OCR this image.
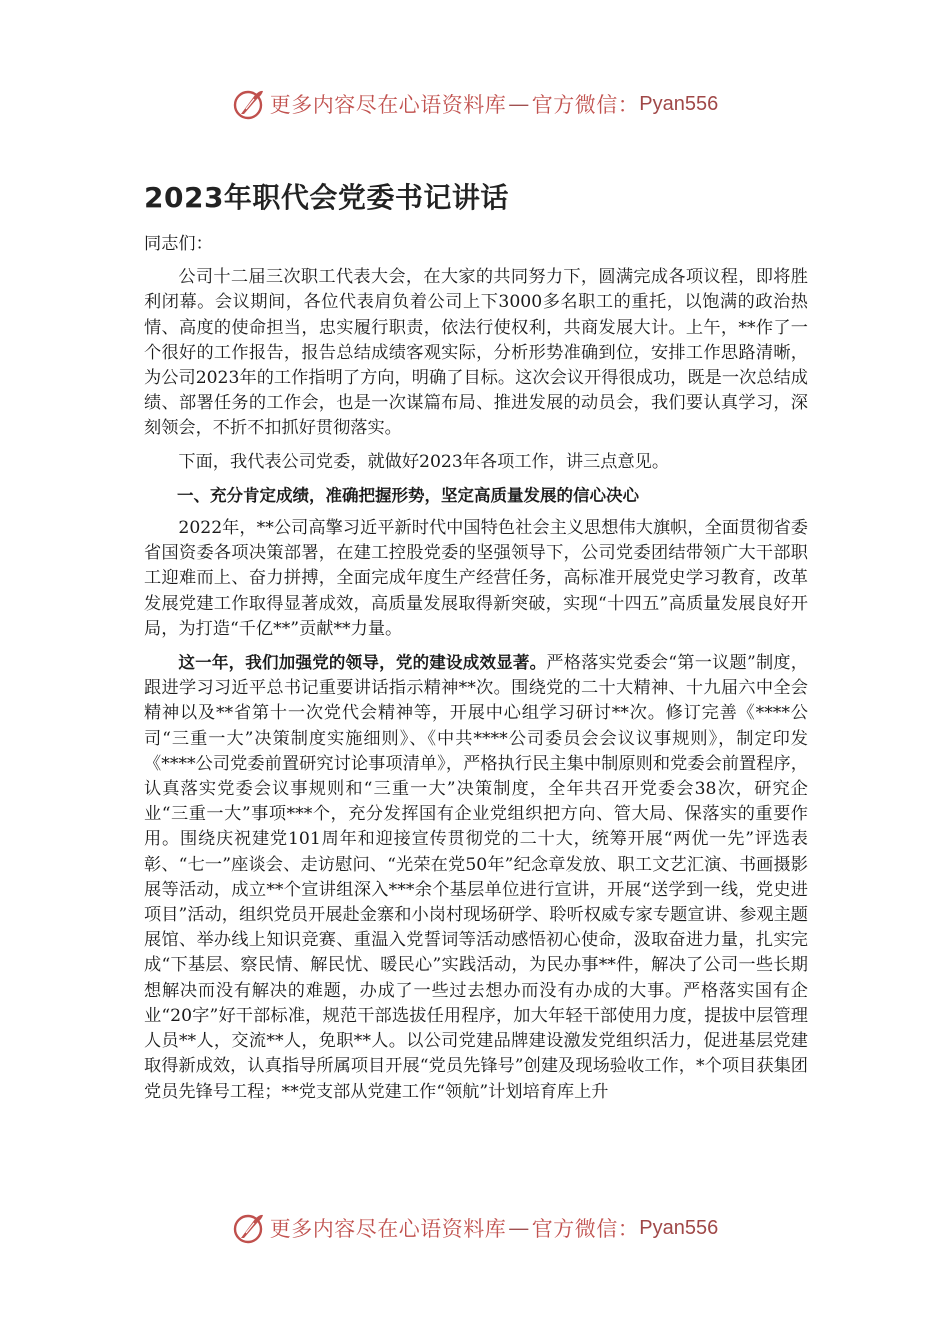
更多内容尽在心语资料库 — 官方微信： Pyan556
2023年职代会党委书记讲话

同志们：

公司十二届三次职工代表大会，在大家的共同努力下，圆满完成各项议程，即将胜利闭幕。会议期间，各位代表肩负着公司上下3000多名职工的重托，以饱满的政治热情、高度的使命担当，忠实履行职责，依法行使权利，共商发展大计。上午，**作了一个很好的工作报告，报告总结成绩客观实际，分析形势准确到位，安排工作思路清晰，为公司2023年的工作指明了方向，明确了目标。这次会议开得很成功，既是一次总结成绩、部署任务的工作会，也是一次谋篇布局、推进发展的动员会，我们要认真学习，深刻领会，不折不扣抓好贯彻落实。

下面，我代表公司党委，就做好2023年各项工作，讲三点意见。

一、充分肯定成绩，准确把握形势，坚定高质量发展的信心决心

2022年，**公司高擎习近平新时代中国特色社会主义思想伟大旗帜，全面贯彻省委省国资委各项决策部署，在建工控股党委的坚强领导下，公司党委团结带领广大干部职工迎难而上、奋力拼搏，全面完成年度生产经营任务，高标准开展党史学习教育，改革发展党建工作取得显著成效，高质量发展取得新突破，实现“十四五”高质量发展良好开局，为打造“千亿**”贡献**力量。

这一年，我们加强党的领导，党的建设成效显著。严格落实党委会“第一议题”制度，跟进学习习近平总书记重要讲话指示精神**次。围绕党的二十大精神、十九届六中全会精神以及**省第十一次党代会精神等，开展中心组学习研讨**次。修订完善《****公司“三重一大”决策制度实施细则》、《中共****公司委员会会议议事规则》，制定印发《****公司党委前置研究讨论事项清单》，严格执行民主集中制原则和党委会前置程序，认真落实党委会议事规则和“三重一大”决策制度，全年共召开党委会38次，研究企业“三重一大”事项***个，充分发挥国有企业党组织把方向、管大局、保落实的重要作用。围绕庆祝建党101周年和迎接宣传贯彻党的二十大，统筹开展“两优一先”评选表彰、“七一”座谈会、走访慰问、“光荣在党50年”纪念章发放、职工文艺汇演、书画摄影展等活动，成立**个宣讲组深入***余个基层单位进行宣讲，开展“送学到一线，党史进项目”活动，组织党员开展赴金寨和小岗村现场研学、聆听权威专家专题宣讲、参观主题展馆、举办线上知识竞赛、重温入党誓词等活动感悟初心使命，汲取奋进力量，扎实完成“下基层、察民情、解民忧、暖民心”实践活动，为民办事**件，解决了公司一些长期想解决而没有解决的难题，办成了一些过去想办而没有办成的大事。严格落实国有企业“20字”好干部标准，规范干部选拔任用程序，加大年轻干部使用力度，提拔中层管理人员**人，交流**人，免职**人。以公司党建品牌建设激发党组织活力，促进基层党建取得新成效，认真指导所属项目开展“党员先锋号”创建及现场验收工作，*个项目获集团党员先锋号工程；**党支部从党建工作“领航”计划培育库上升

更多内容尽在心语资料库 — 官方微信： Pyan556
